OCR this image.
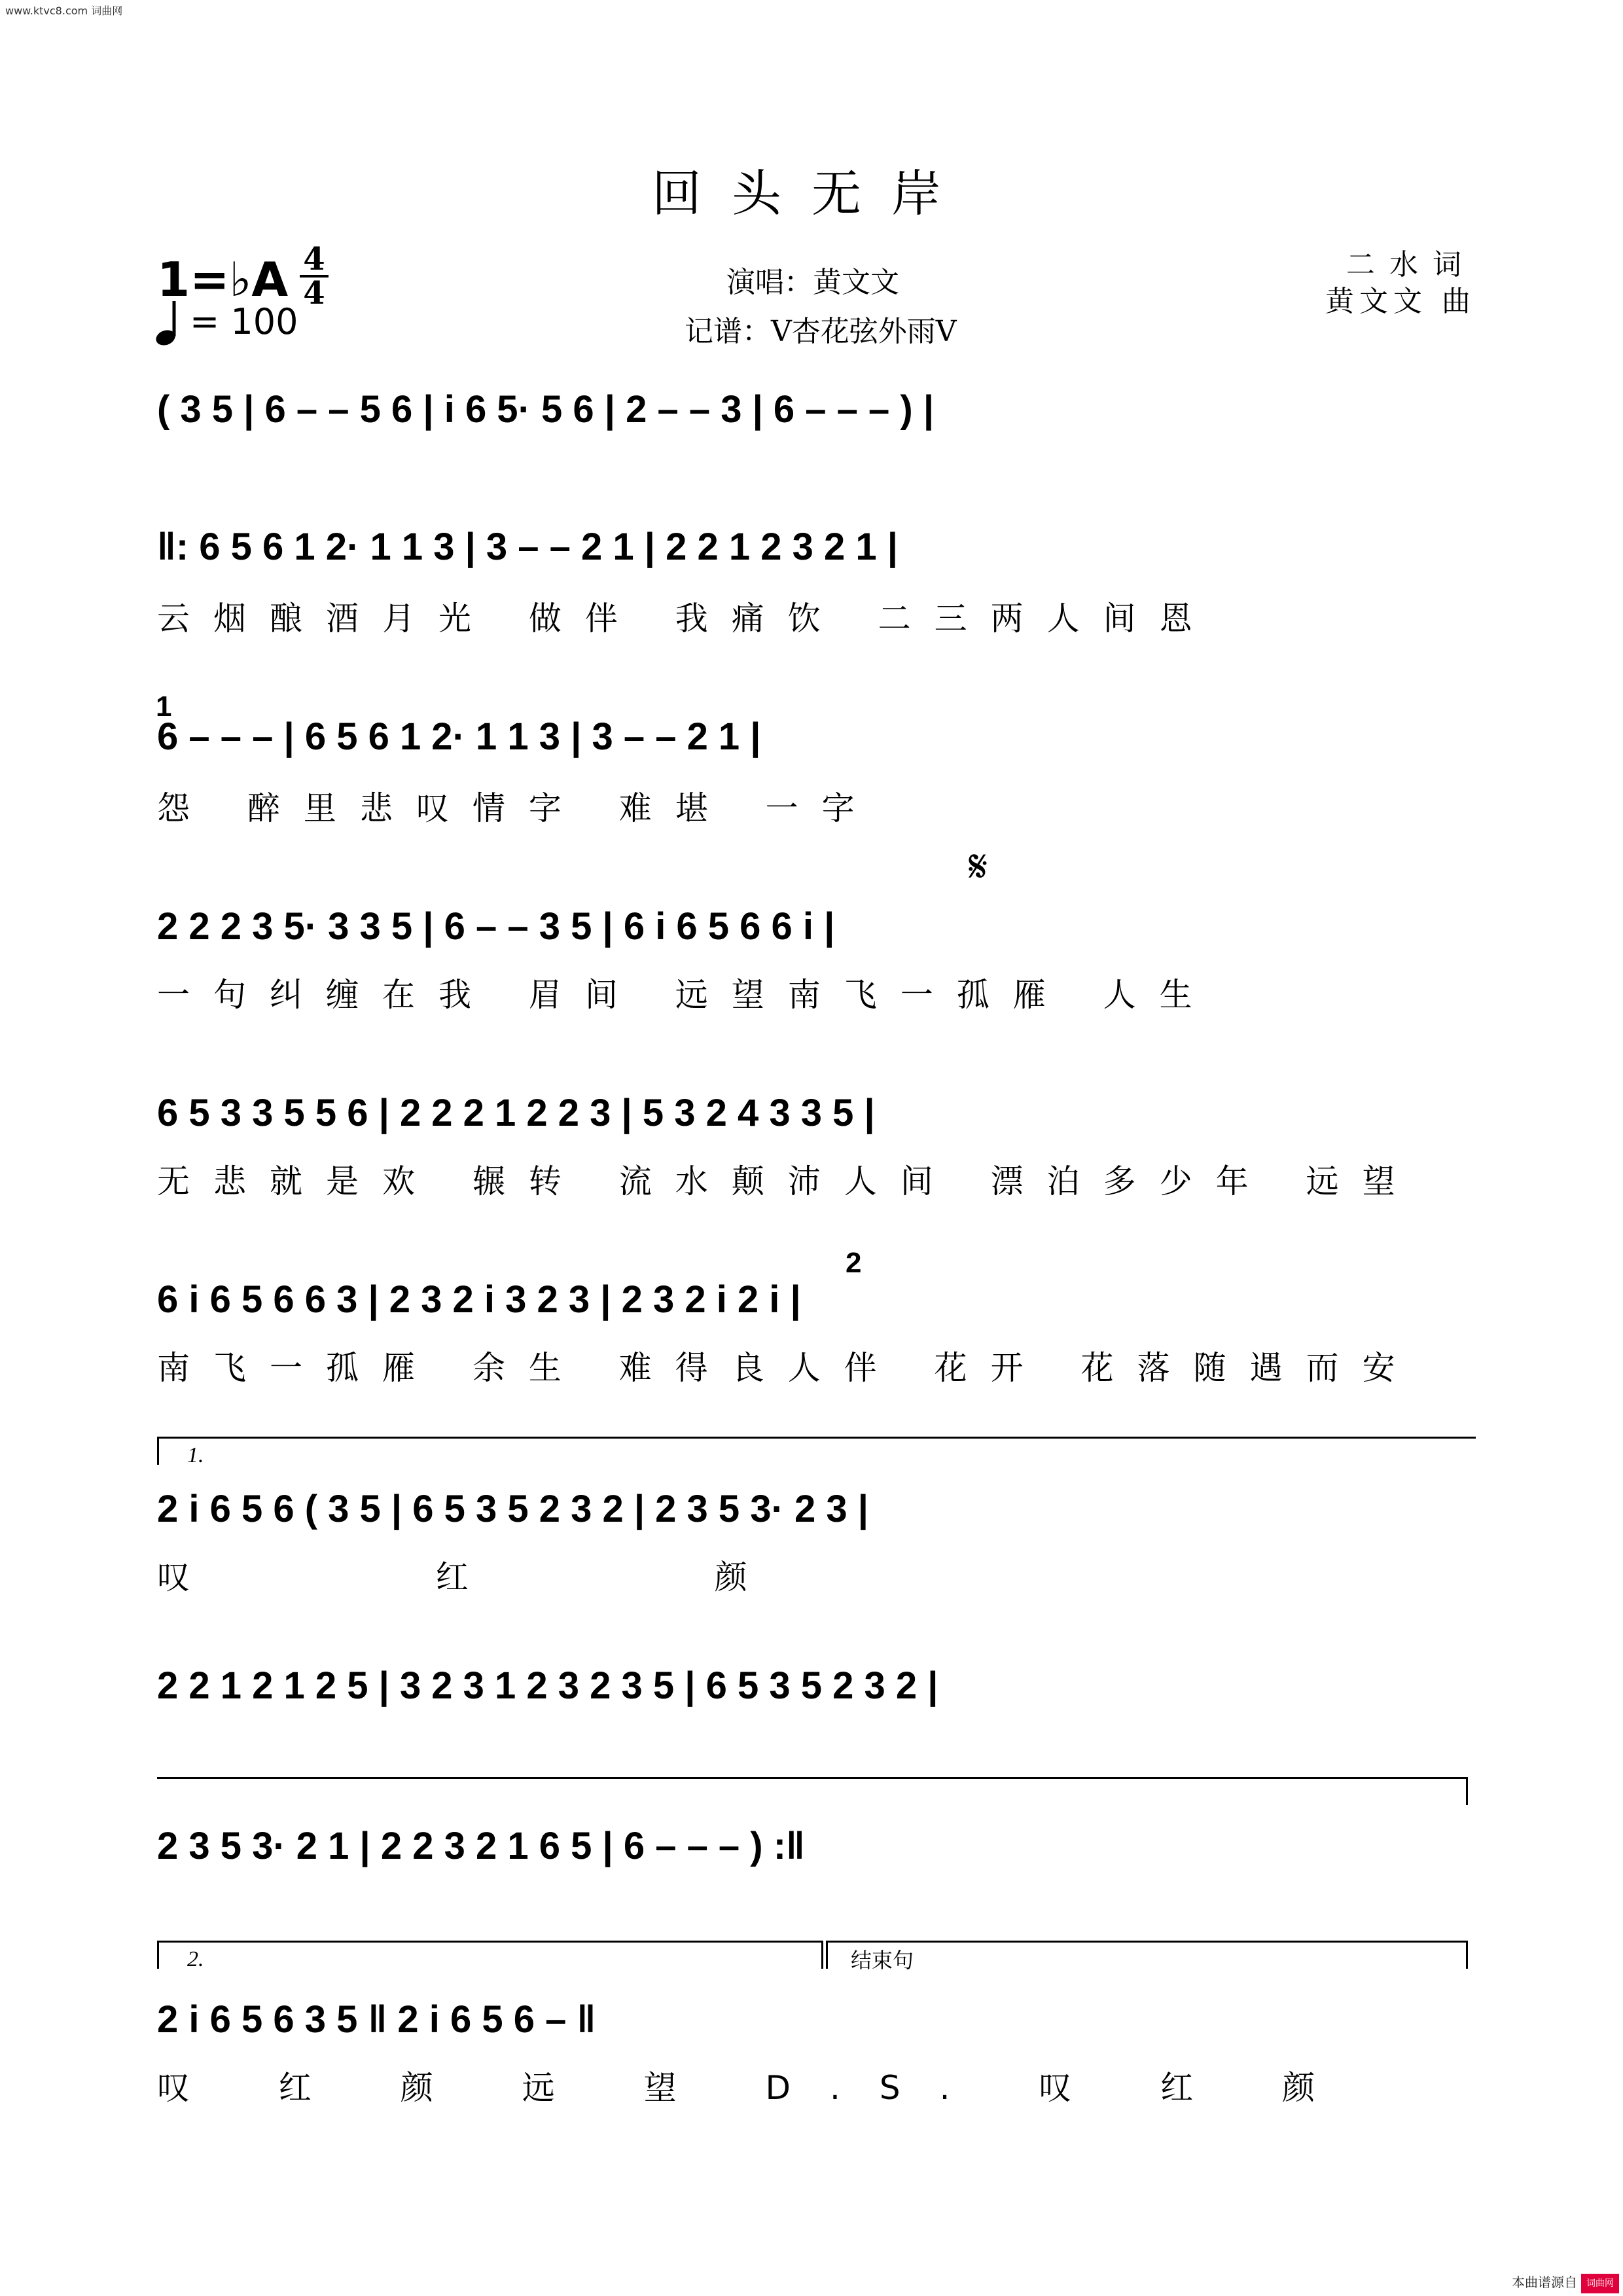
www.ktvc8.com 词曲网
本曲谱源自	词曲网
回头无岸
1=♭A 4
4
= 100
演唱：黄文文
记谱：V杏花弦外雨V
二水词
黄文文 曲
( 3 5 | 6 – – 5 6 | i 6 5· 5 6 | 2 – – 3 | 6 – – – ) |
‖: 6 5 6 1 2· 1 1 3 | 3 – – 2 1 | 2 2 1 2 3 2 1 |
云烟酿酒月光 做伴 我痛饮 二三两人间恩
1
6 – – – | 6 5 6 1 2· 1 1 3 | 3 – – 2 1 |
怨 醉里悲叹情字 难堪 一字
𝄋
2 2 2 3 5· 3 3 5 | 6 – – 3 5 | 6 i 6 5 6 6 i |
一句纠缠在我 眉间 远望南飞一孤雁 人生
6 5 3 3 5 5 6 | 2 2 2 1 2 2 3 | 5 3 2 4 3 3 5 |
无悲就是欢 辗转 流水颠沛人间 漂泊多少年 远望
2
6 i 6 5 6 6 3 | 2 3 2 i 3 2 3 | 2 3 2 i 2 i |
南飞一孤雁 余生 难得良人伴 花开 花落随遇而安
1.
2 i 6 5 6 ( 3 5 | 6 5 3 5 2 3 2 | 2 3 5 3· 2 3 |
叹 红 颜
2 2 1 2 1 2 5 | 3 2 3 1 2 3 2 3 5 | 6 5 3 5 2 3 2 |
2 3 5 3· 2 1 | 2 2 3 2 1 6 5 | 6 – – – ) :‖
2.	结束句
2 i 6 5 6 3 5 ‖ 2 i 6 5 6 – ‖
叹 红 颜 远 望 D.S. 叹 红 颜
